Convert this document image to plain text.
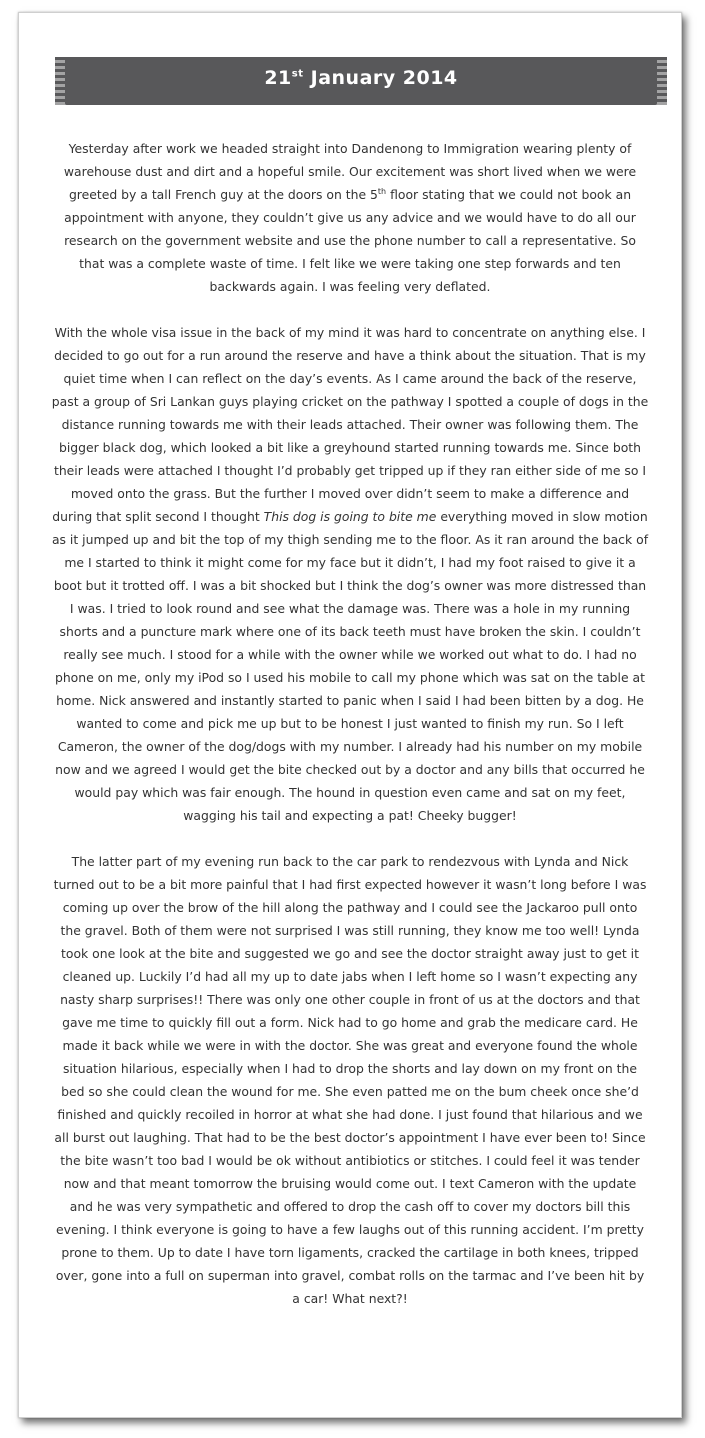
21st January 2014

Yesterday after work we headed straight into Dandenong to Immigration wearing plenty of warehouse dust and dirt and a hopeful smile. Our excitement was short lived when we were greeted by a tall French guy at the doors on the 5th floor stating that we could not book an appointment with anyone, they couldn’t give us any advice and we would have to do all our research on the government website and use the phone number to call a representative. So that was a complete waste of time. I felt like we were taking one step forwards and ten backwards again. I was feeling very deflated.

With the whole visa issue in the back of my mind it was hard to concentrate on anything else. I decided to go out for a run around the reserve and have a think about the situation. That is my quiet time when I can reflect on the day’s events. As I came around the back of the reserve, past a group of Sri Lankan guys playing cricket on the pathway I spotted a couple of dogs in the distance running towards me with their leads attached. Their owner was following them. The bigger black dog, which looked a bit like a greyhound started running towards me. Since both their leads were attached I thought I’d probably get tripped up if they ran either side of me so I moved onto the grass. But the further I moved over didn’t seem to make a difference and during that split second I thought This dog is going to bite me everything moved in slow motion as it jumped up and bit the top of my thigh sending me to the floor. As it ran around the back of me I started to think it might come for my face but it didn’t, I had my foot raised to give it a boot but it trotted off. I was a bit shocked but I think the dog’s owner was more distressed than I was. I tried to look round and see what the damage was. There was a hole in my running shorts and a puncture mark where one of its back teeth must have broken the skin. I couldn’t really see much. I stood for a while with the owner while we worked out what to do. I had no phone on me, only my iPod so I used his mobile to call my phone which was sat on the table at home. Nick answered and instantly started to panic when I said I had been bitten by a dog. He wanted to come and pick me up but to be honest I just wanted to finish my run. So I left Cameron, the owner of the dog/dogs with my number. I already had his number on my mobile now and we agreed I would get the bite checked out by a doctor and any bills that occurred he would pay which was fair enough. The hound in question even came and sat on my feet, wagging his tail and expecting a pat! Cheeky bugger!

The latter part of my evening run back to the car park to rendezvous with Lynda and Nick turned out to be a bit more painful that I had first expected however it wasn’t long before I was coming up over the brow of the hill along the pathway and I could see the Jackaroo pull onto the gravel. Both of them were not surprised I was still running, they know me too well! Lynda took one look at the bite and suggested we go and see the doctor straight away just to get it cleaned up. Luckily I’d had all my up to date jabs when I left home so I wasn’t expecting any nasty sharp surprises!! There was only one other couple in front of us at the doctors and that gave me time to quickly fill out a form. Nick had to go home and grab the medicare card. He made it back while we were in with the doctor. She was great and everyone found the whole situation hilarious, especially when I had to drop the shorts and lay down on my front on the bed so she could clean the wound for me. She even patted me on the bum cheek once she’d finished and quickly recoiled in horror at what she had done. I just found that hilarious and we all burst out laughing. That had to be the best doctor’s appointment I have ever been to! Since the bite wasn’t too bad I would be ok without antibiotics or stitches. I could feel it was tender now and that meant tomorrow the bruising would come out. I text Cameron with the update and he was very sympathetic and offered to drop the cash off to cover my doctors bill this evening. I think everyone is going to have a few laughs out of this running accident. I’m pretty prone to them. Up to date I have torn ligaments, cracked the cartilage in both knees, tripped over, gone into a full on superman into gravel, combat rolls on the tarmac and I’ve been hit by a car! What next?!
